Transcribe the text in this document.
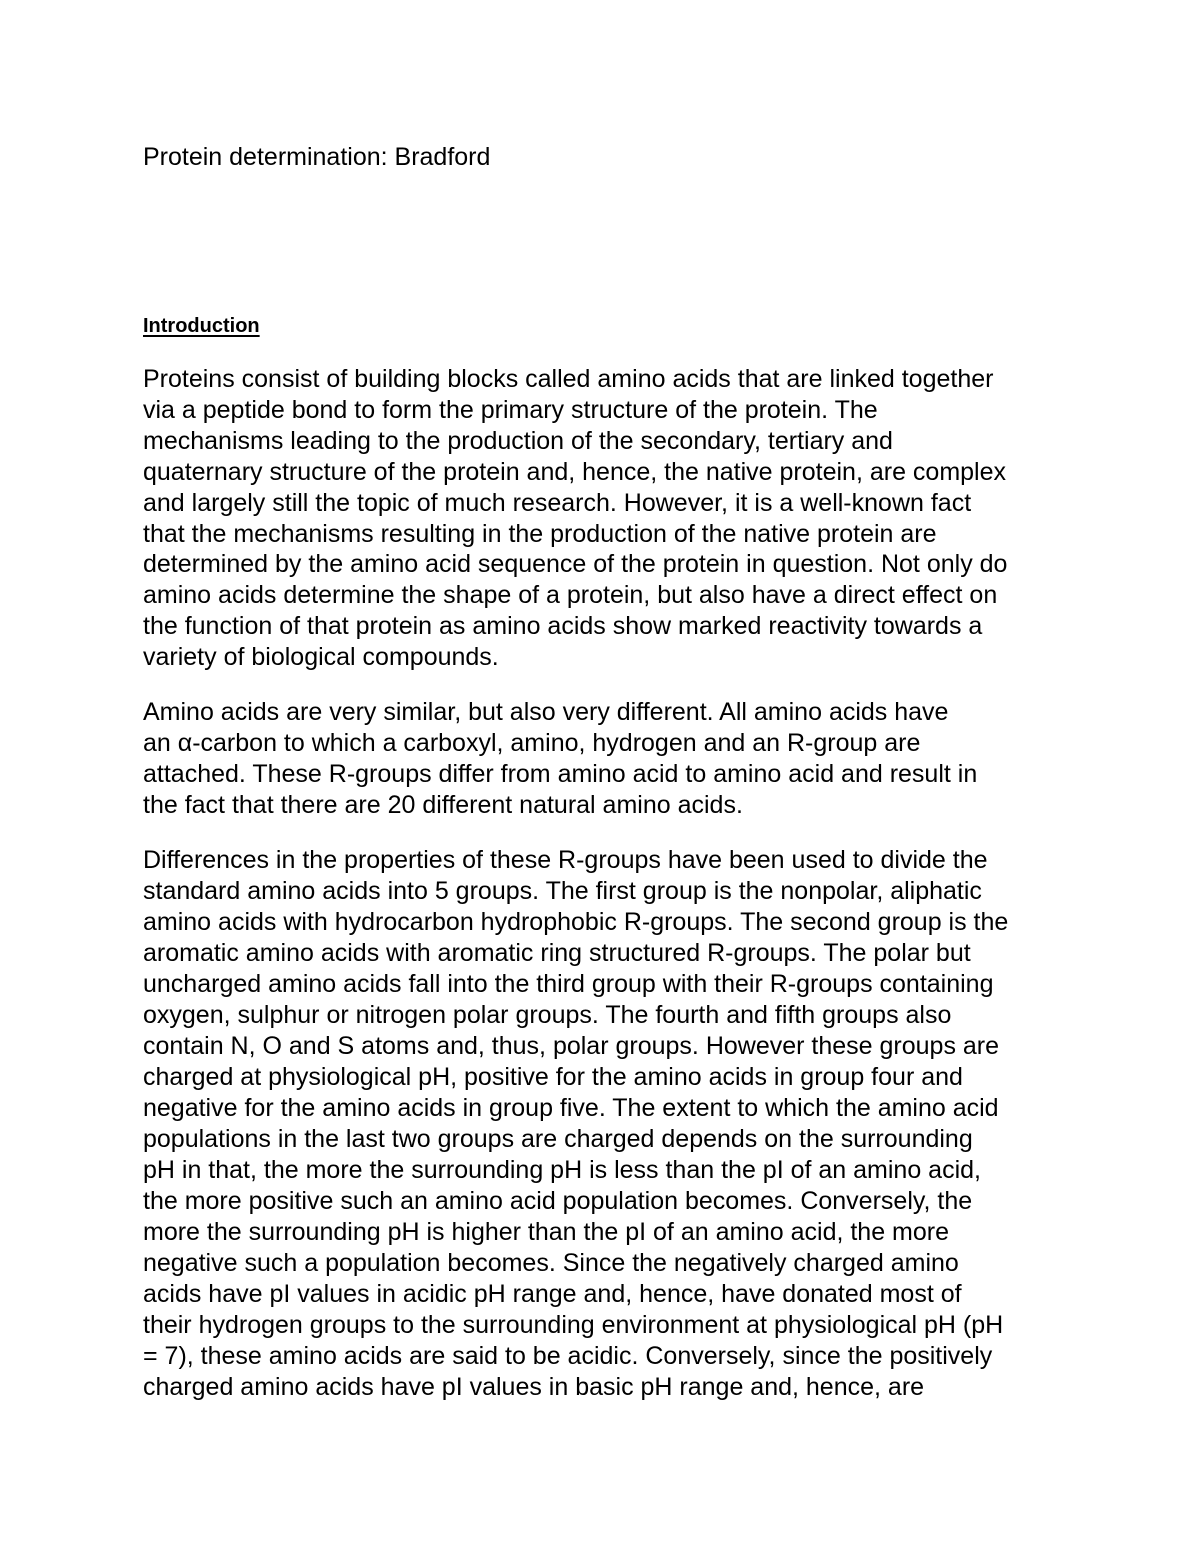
Protein determination: Bradford
Introduction
Proteins consist of building blocks called amino acids that are linked together
via a peptide bond to form the primary structure of the protein. The
mechanisms leading to the production of the secondary, tertiary and
quaternary structure of the protein and, hence, the native protein, are complex
and largely still the topic of much research. However, it is a well-known fact
that the mechanisms resulting in the production of the native protein are
determined by the amino acid sequence of the protein in question. Not only do
amino acids determine the shape of a protein, but also have a direct effect on
the function of that protein as amino acids show marked reactivity towards a
variety of biological compounds.
Amino acids are very similar, but also very different. All amino acids have
an α-carbon to which a carboxyl, amino, hydrogen and an R-group are
attached. These R-groups differ from amino acid to amino acid and result in
the fact that there are 20 different natural amino acids.
Differences in the properties of these R-groups have been used to divide the
standard amino acids into 5 groups. The first group is the nonpolar, aliphatic
amino acids with hydrocarbon hydrophobic R-groups. The second group is the
aromatic amino acids with aromatic ring structured R-groups. The polar but
uncharged amino acids fall into the third group with their R-groups containing
oxygen, sulphur or nitrogen polar groups. The fourth and fifth groups also
contain N, O and S atoms and, thus, polar groups. However these groups are
charged at physiological pH, positive for the amino acids in group four and
negative for the amino acids in group five. The extent to which the amino acid
populations in the last two groups are charged depends on the surrounding
pH in that, the more the surrounding pH is less than the pI of an amino acid,
the more positive such an amino acid population becomes. Conversely, the
more the surrounding pH is higher than the pI of an amino acid, the more
negative such a population becomes. Since the negatively charged amino
acids have pI values in acidic pH range and, hence, have donated most of
their hydrogen groups to the surrounding environment at physiological pH (pH
= 7), these amino acids are said to be acidic. Conversely, since the positively
charged amino acids have pI values in basic pH range and, hence, are
